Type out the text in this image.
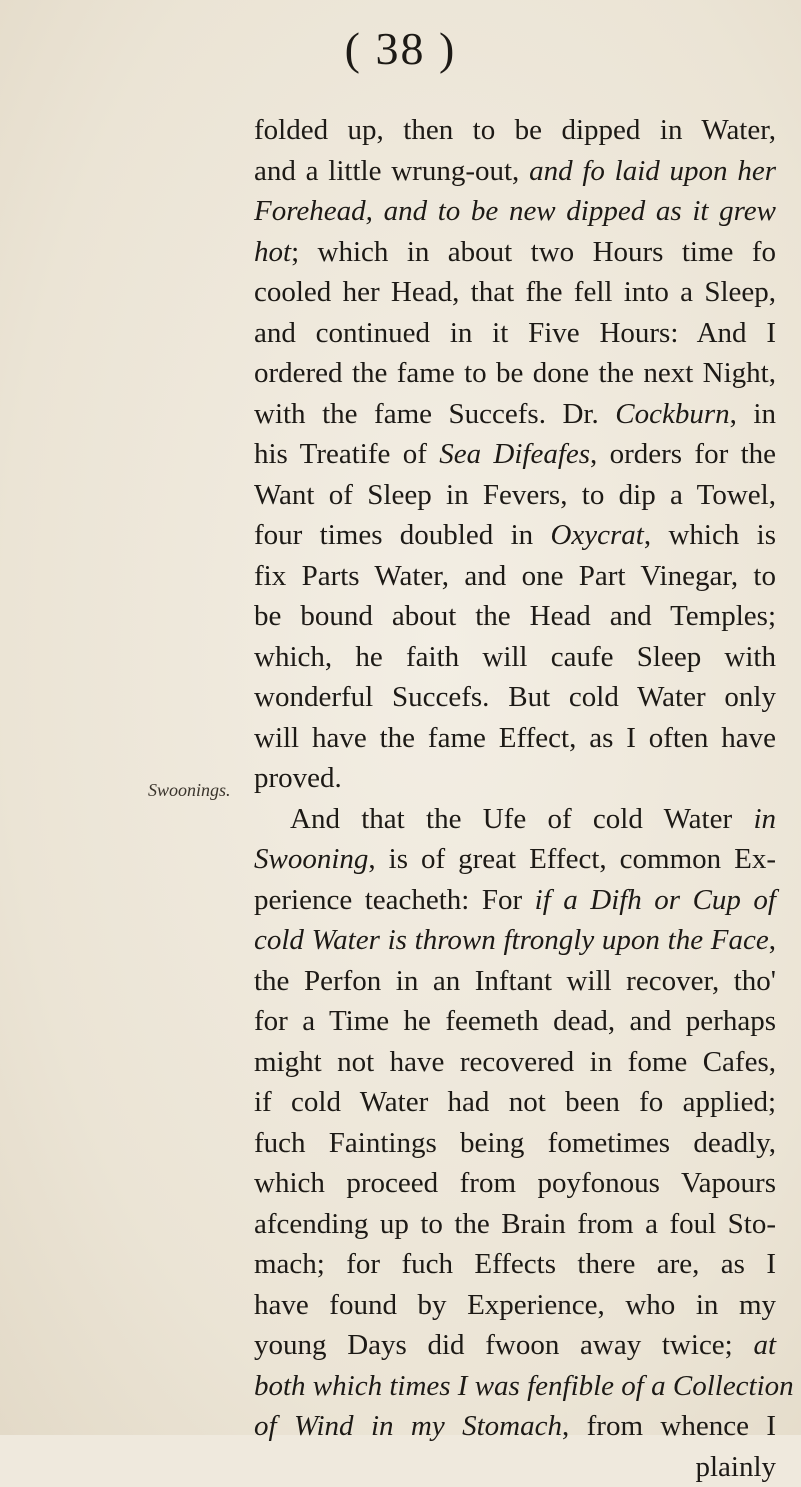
( 38 )
Swoonings.
folded up, then to be dipped in Water,
and a little wrung-out, and fo laid upon her
Forehead, and to be new dipped as it grew
hot; which in about two Hours time fo
cooled her Head, that fhe fell into a Sleep,
and continued in it Five Hours: And I
ordered the fame to be done the next Night,
with the fame Succefs. Dr. Cockburn, in
his Treatife of Sea Difeafes, orders for the
Want of Sleep in Fevers, to dip a Towel,
four times doubled in Oxycrat, which is
fix Parts Water, and one Part Vinegar, to
be bound about the Head and Temples;
which, he faith will caufe Sleep with
wonderful Succefs. But cold Water only
will have the fame Effect, as I often have
proved.
And that the Ufe of cold Water in
Swooning, is of great Effect, common Ex-
perience teacheth: For if a Difh or Cup of
cold Water is thrown ftrongly upon the Face,
the Perfon in an Inftant will recover, tho'
for a Time he feemeth dead, and perhaps
might not have recovered in fome Cafes,
if cold Water had not been fo applied;
fuch Faintings being fometimes deadly,
which proceed from poyfonous Vapours
afcending up to the Brain from a foul Sto-
mach; for fuch Effects there are, as I
have found by Experience, who in my
young Days did fwoon away twice; at
both which times I was fenfible of a Collection
of Wind in my Stomach, from whence I
plainly
